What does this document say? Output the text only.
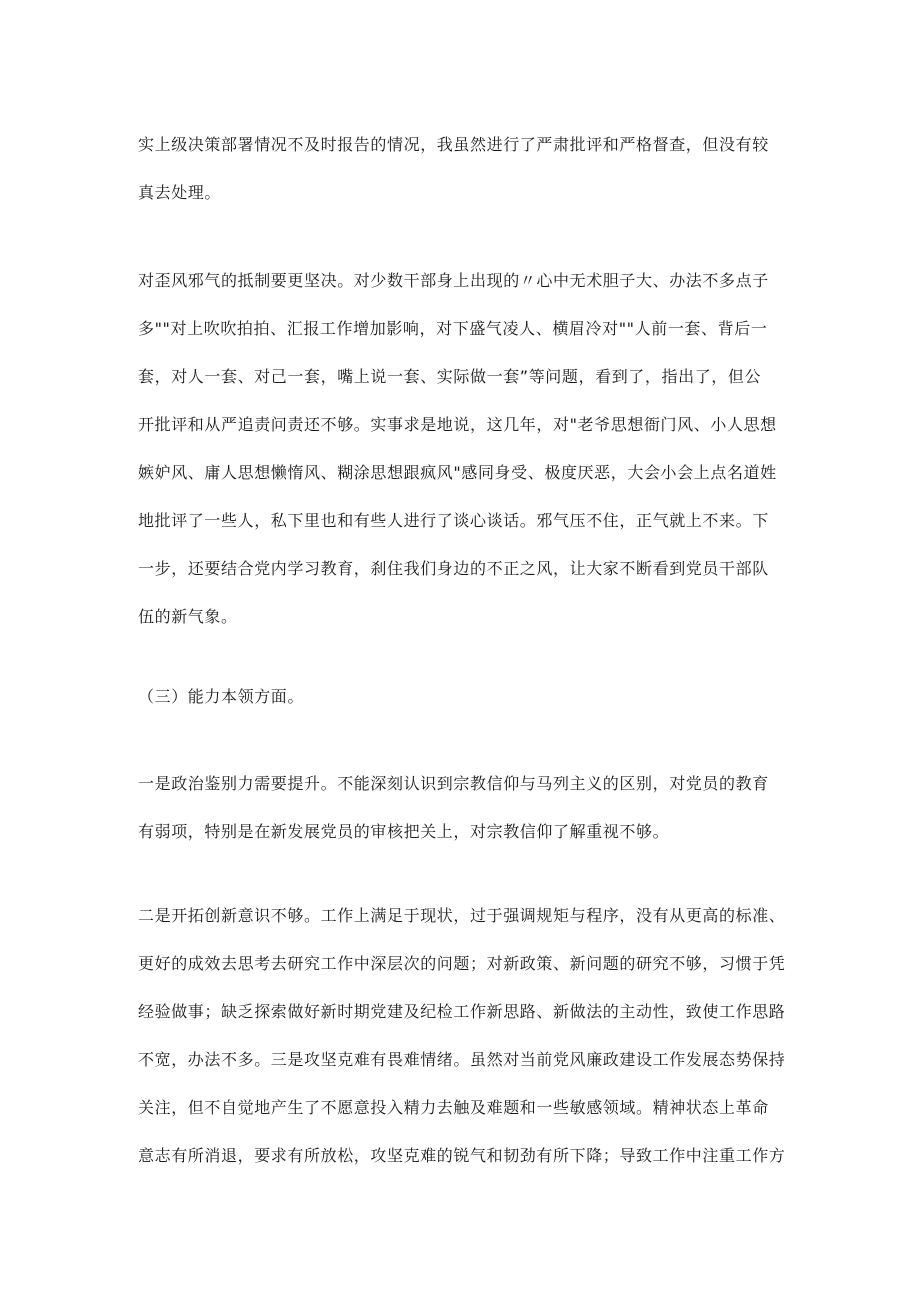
实上级决策部署情况不及时报告的情况，我虽然进行了严肃批评和严格督查，但没有较
真去处理。
对歪风邪气的抵制要更坚决。对少数干部身上出现的〃心中无术胆子大、办法不多点子
多""对上吹吹拍拍、汇报工作增加影响，对下盛气凌人、横眉冷对""人前一套、背后一
套，对人一套、对己一套，嘴上说一套、实际做一套”等问题，看到了，指出了，但公
开批评和从严追责问责还不够。实事求是地说，这几年，对"老爷思想衙门风、小人思想
嫉妒风、庸人思想懒惰风、糊涂思想跟疯风"感同身受、极度厌恶，大会小会上点名道姓
地批评了一些人，私下里也和有些人进行了谈心谈话。邪气压不住，正气就上不来。下
一步，还要结合党内学习教育，刹住我们身边的不正之风，让大家不断看到党员干部队
伍的新气象。
（三）能力本领方面。
一是政治鉴别力需要提升。不能深刻认识到宗教信仰与马列主义的区别，对党员的教育
有弱项，特别是在新发展党员的审核把关上，对宗教信仰了解重视不够。
二是开拓创新意识不够。工作上满足于现状，过于强调规矩与程序，没有从更高的标准、
更好的成效去思考去研究工作中深层次的问题；对新政策、新问题的研究不够，习惯于凭
经验做事；缺乏探索做好新时期党建及纪检工作新思路、新做法的主动性，致使工作思路
不宽，办法不多。三是攻坚克难有畏难情绪。虽然对当前党风廉政建设工作发展态势保持
关注，但不自觉地产生了不愿意投入精力去触及难题和一些敏感领域。精神状态上革命
意志有所消退，要求有所放松，攻坚克难的锐气和韧劲有所下降；导致工作中注重工作方
